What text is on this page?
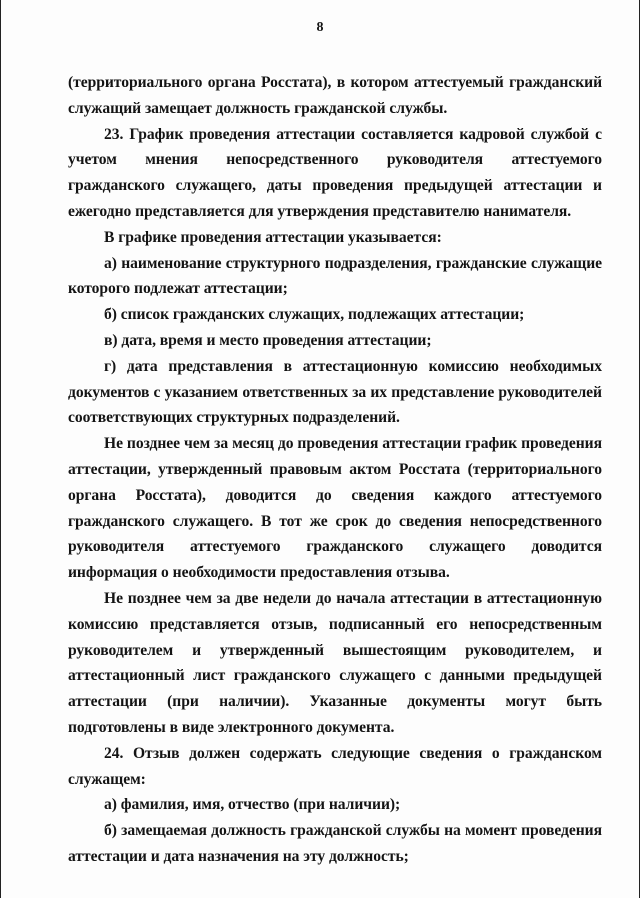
8

(территориального органа Росстата), в котором аттестуемый гражданский служащий замещает должность гражданской службы.

23. График проведения аттестации составляется кадровой службой с учетом мнения непосредственного руководителя аттестуемого гражданского служащего, даты проведения предыдущей аттестации и ежегодно представляется для утверждения представителю нанимателя.

В графике проведения аттестации указывается:

а) наименование структурного подразделения, гражданские служащие которого подлежат аттестации;

б) список гражданских служащих, подлежащих аттестации;

в) дата, время и место проведения аттестации;

г) дата представления в аттестационную комиссию необходимых документов с указанием ответственных за их представление руководителей соответствующих структурных подразделений.

Не позднее чем за месяц до проведения аттестации график проведения аттестации, утвержденный правовым актом Росстата (территориального органа Росстата), доводится до сведения каждого аттестуемого гражданского служащего. В тот же срок до сведения непосредственного руководителя аттестуемого гражданского служащего доводится информация о необходимости предоставления отзыва.

Не позднее чем за две недели до начала аттестации в аттестационную комиссию представляется отзыв, подписанный его непосредственным руководителем и утвержденный вышестоящим руководителем, и аттестационный лист гражданского служащего с данными предыдущей аттестации (при наличии). Указанные документы могут быть подготовлены в виде электронного документа.

24. Отзыв должен содержать следующие сведения о гражданском служащем:

а) фамилия, имя, отчество (при наличии);

б) замещаемая должность гражданской службы на момент проведения аттестации и дата назначения на эту должность;
